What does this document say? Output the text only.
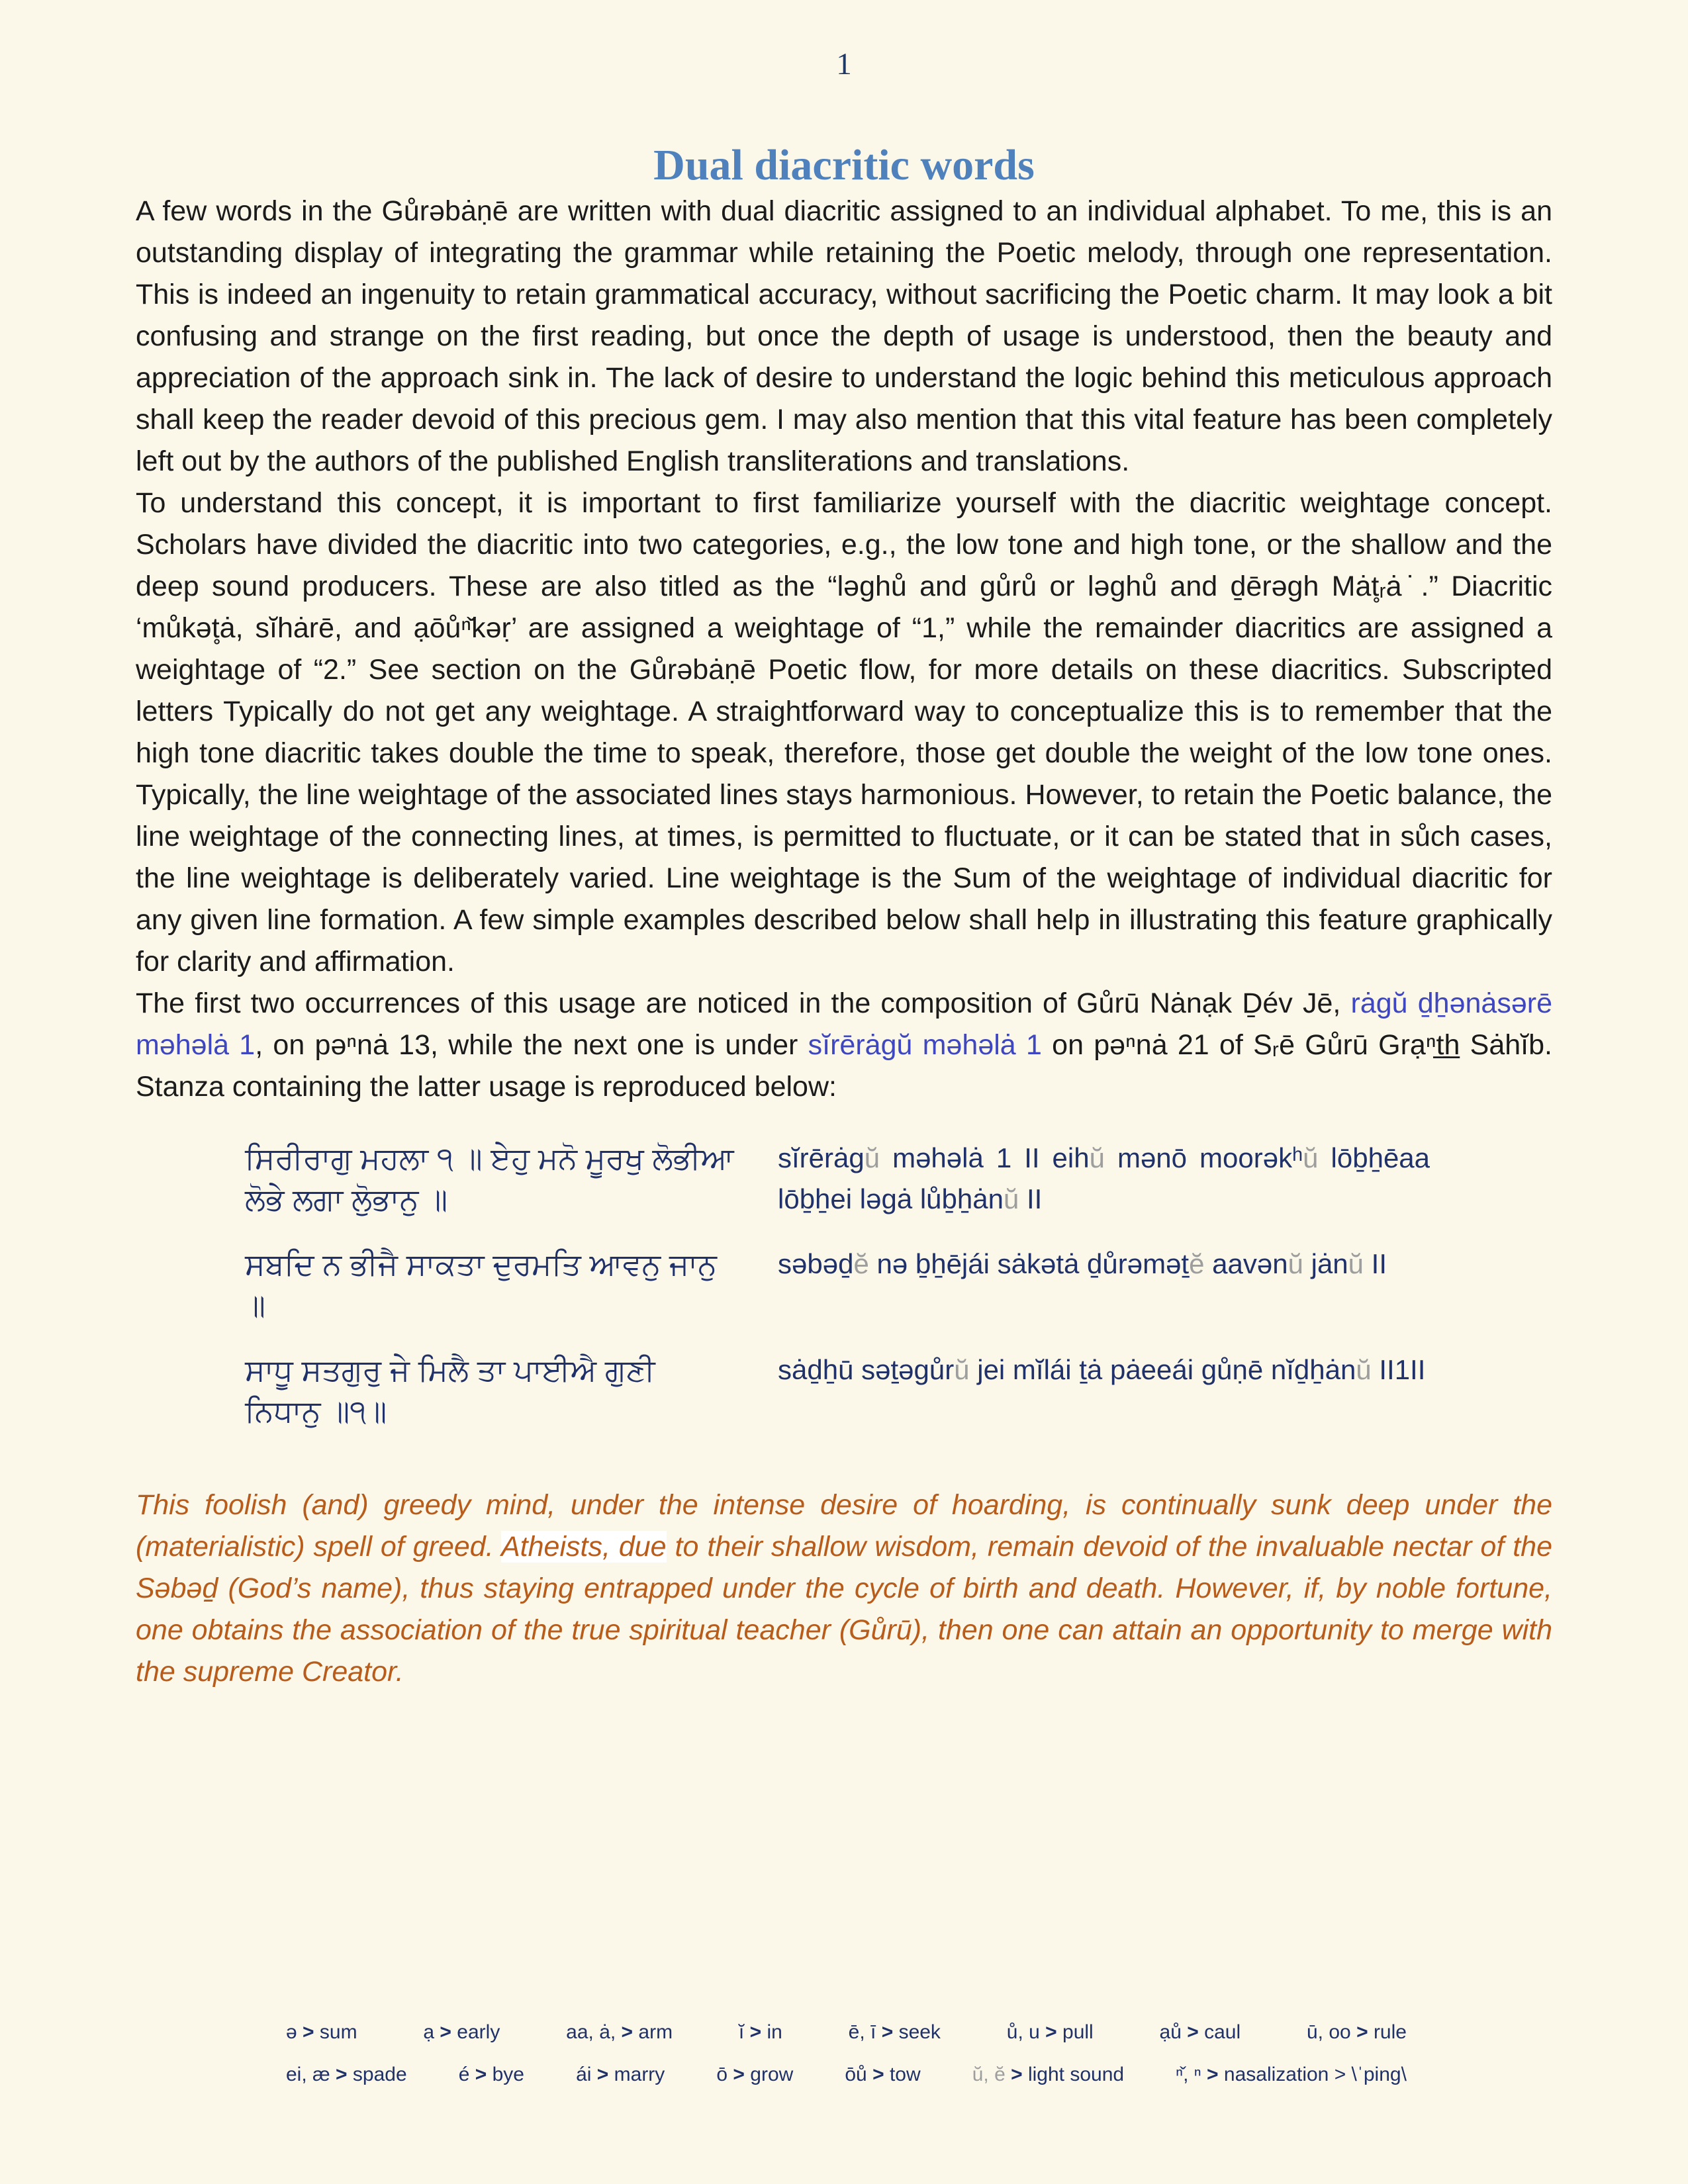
1
Dual diacritic words

A few words in the Gůrəbȧṇē are written with dual diacritic assigned to an individual alphabet. To me, this is an outstanding display of integrating the grammar while retaining the Poetic melody, through one representation. This is indeed an ingenuity to retain grammatical accuracy, without sacrificing the Poetic charm. It may look a bit confusing and strange on the first reading, but once the depth of usage is understood, then the beauty and appreciation of the approach sink in. The lack of desire to understand the logic behind this meticulous approach shall keep the reader devoid of this precious gem. I may also mention that this vital feature has been completely left out by the authors of the published English transliterations and translations.

To understand this concept, it is important to first familiarize yourself with the diacritic weightage concept. Scholars have divided the diacritic into two categories, e.g., the low tone and high tone, or the shallow and the deep sound producers. These are also titled as the “ləghů and gůrů or ləghů and ḏērəgh Mȧt̥ᵣȧ˙.” Diacritic ‘můkət̥ȧ, sĭhȧrē, and ạōůⁿ̌kəṛ’ are assigned a weightage of “1,” while the remainder diacritics are assigned a weightage of “2.” See section on the Gůrəbȧṇē Poetic flow, for more details on these diacritics. Subscripted letters Typically do not get any weightage. A straightforward way to conceptualize this is to remember that the high tone diacritic takes double the time to speak, therefore, those get double the weight of the low tone ones. Typically, the line weightage of the associated lines stays harmonious. However, to retain the Poetic balance, the line weightage of the connecting lines, at times, is permitted to fluctuate, or it can be stated that in sůch cases, the line weightage is deliberately varied. Line weightage is the Sum of the weightage of individual diacritic for any given line formation. A few simple examples described below shall help in illustrating this feature graphically for clarity and affirmation.

The first two occurrences of this usage are noticed in the composition of Gůrū Nȧnạk Ḏév Jē, rȧgŭ ḏẖənȧsərē məhəlȧ 1, on pəⁿnȧ 13, while the next one is under sĭrērȧgŭ məhəlȧ 1 on pəⁿnȧ 21 of Sᵣē Gůrū Grạⁿt̲h̲ Sȧhĭb. Stanza containing the latter usage is reproduced below:

ਸਿਰੀਰਾਗੁ ਮਹਲਾ ੧ ॥ ਏਹੁ ਮਨੋ ਮੂਰਖੁ ਲੋਭੀਆ ਲੋਭੇ ਲਗਾ ਲੋੁਭਾਨੁ ॥
sĭrērȧgŭ məhəlȧ 1 II eihŭ mənō moorəkʰŭ lōḇẖēaa lōḇẖei ləgȧ lůḇẖȧnŭ II
ਸਬਦਿ ਨ ਭੀਜੈ ਸਾਕਤਾ ਦੁਰਮਤਿ ਆਵਨੁ ਜਾਨੁ ॥
səbəḏĕ nə ḇẖējái sȧkətȧ ḏůrəməṯĕ aavənŭ jȧnŭ II
ਸਾਧੂ ਸਤਗੁਰੁ ਜੇ ਮਿਲੈ ਤਾ ਪਾਈਐ ਗੁਣੀ ਨਿਧਾਨੁ ॥੧॥
sȧḏẖū səṯəgůrŭ jei mĭlái ṯȧ pȧeeái gůṇē nĭḏẖȧnŭ II1II

This foolish (and) greedy mind, under the intense desire of hoarding, is continually sunk deep under the (materialistic) spell of greed. Atheists, due to their shallow wisdom, remain devoid of the invaluable nectar of the Səbəḏ (God’s name), thus staying entrapped under the cycle of birth and death. However, if, by noble fortune, one obtains the association of the true spiritual teacher (Gůrū), then one can attain an opportunity to merge with the supreme Creator.

ə > sum	ạ > early	aa, ȧ, > arm	ĭ > in	ē, ī > seek	ů, u > pull	ạů > caul	ū, oo > rule
ei, æ > spade	é > bye	ái > marry	ō > grow	ōů > tow	ŭ, ĕ > light sound	ⁿ̌, ⁿ > nasalization > \ˈping\
